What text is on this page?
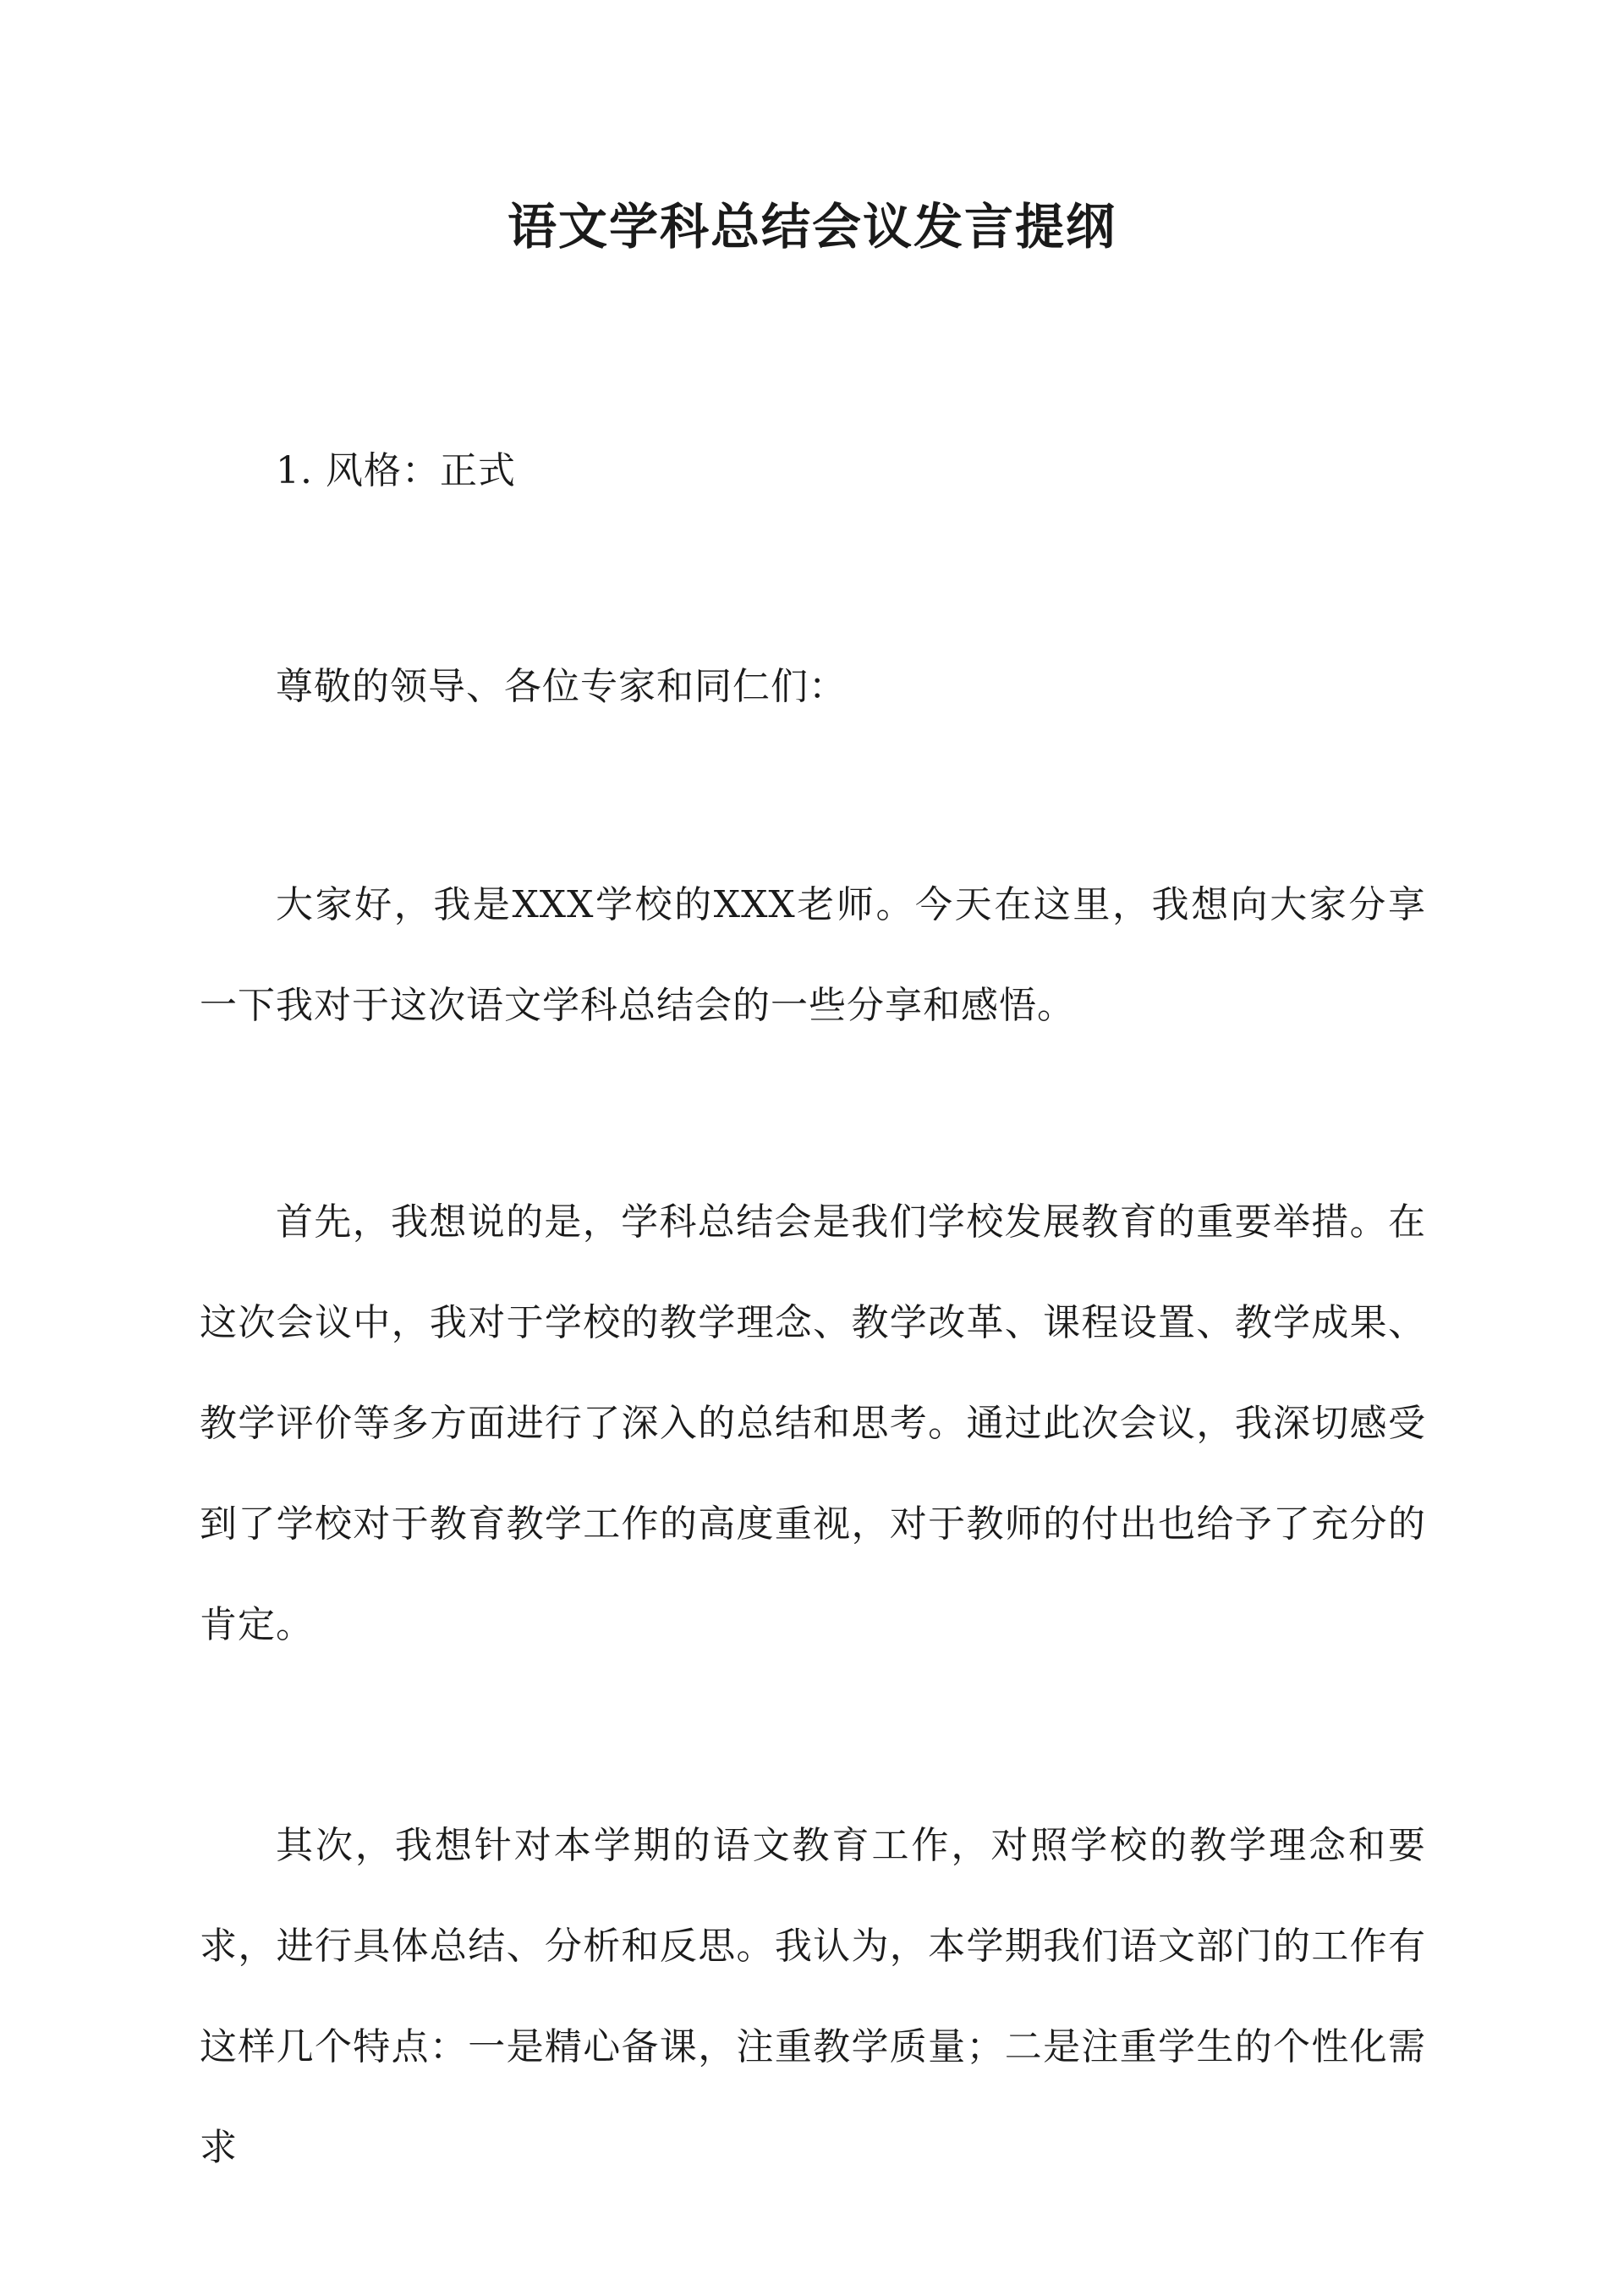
语文学科总结会议发言提纲

1. 风格：正式

尊敬的领导、各位专家和同仁们：

大家好，我是XXX学校的XXX老师。今天在这里，我想向大家分享一下我对于这次语文学科总结会的一些分享和感悟。

首先，我想说的是，学科总结会是我们学校发展教育的重要举措。在这次会议中，我对于学校的教学理念、教学改革、课程设置、教学成果、教学评价等多方面进行了深入的总结和思考。通过此次会议，我深切感受到了学校对于教育教学工作的高度重视，对于教师的付出也给予了充分的肯定。

其次，我想针对本学期的语文教育工作，对照学校的教学理念和要求，进行具体总结、分析和反思。我认为，本学期我们语文部门的工作有这样几个特点：一是精心备课，注重教学质量；二是注重学生的个性化需求
